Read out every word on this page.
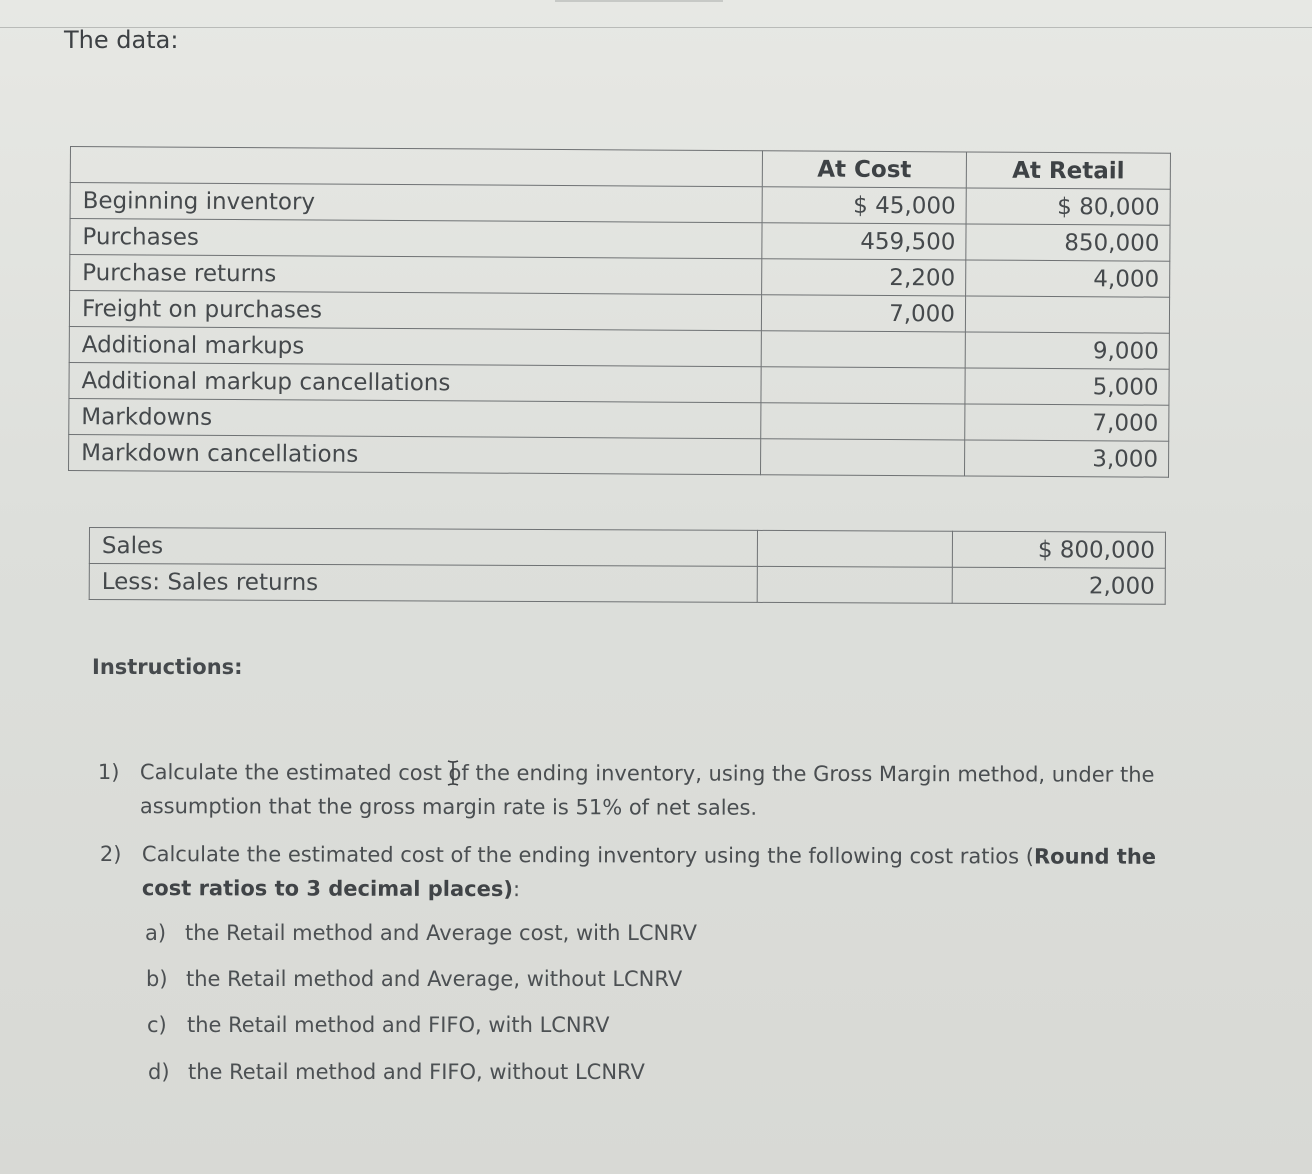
The data:
	At Cost	At Retail
Beginning inventory	$ 45,000	$ 80,000
Purchases	459,500	850,000
Purchase returns	2,200	4,000
Freight on purchases	7,000	
Additional markups		9,000
Additional markup cancellations		5,000
Markdowns		7,000
Markdown cancellations		3,000
Sales		$ 800,000
Less: Sales returns		2,000
Instructions:
1) Calculate the estimated cost of the ending inventory, using the Gross Margin method, under the assumption that the gross margin rate is 51% of net sales.
2) Calculate the estimated cost of the ending inventory using the following cost ratios (Round the cost ratios to 3 decimal places):
a) the Retail method and Average cost, with LCNRV
b) the Retail method and Average, without LCNRV
c) the Retail method and FIFO, with LCNRV
d) the Retail method and FIFO, without LCNRV
